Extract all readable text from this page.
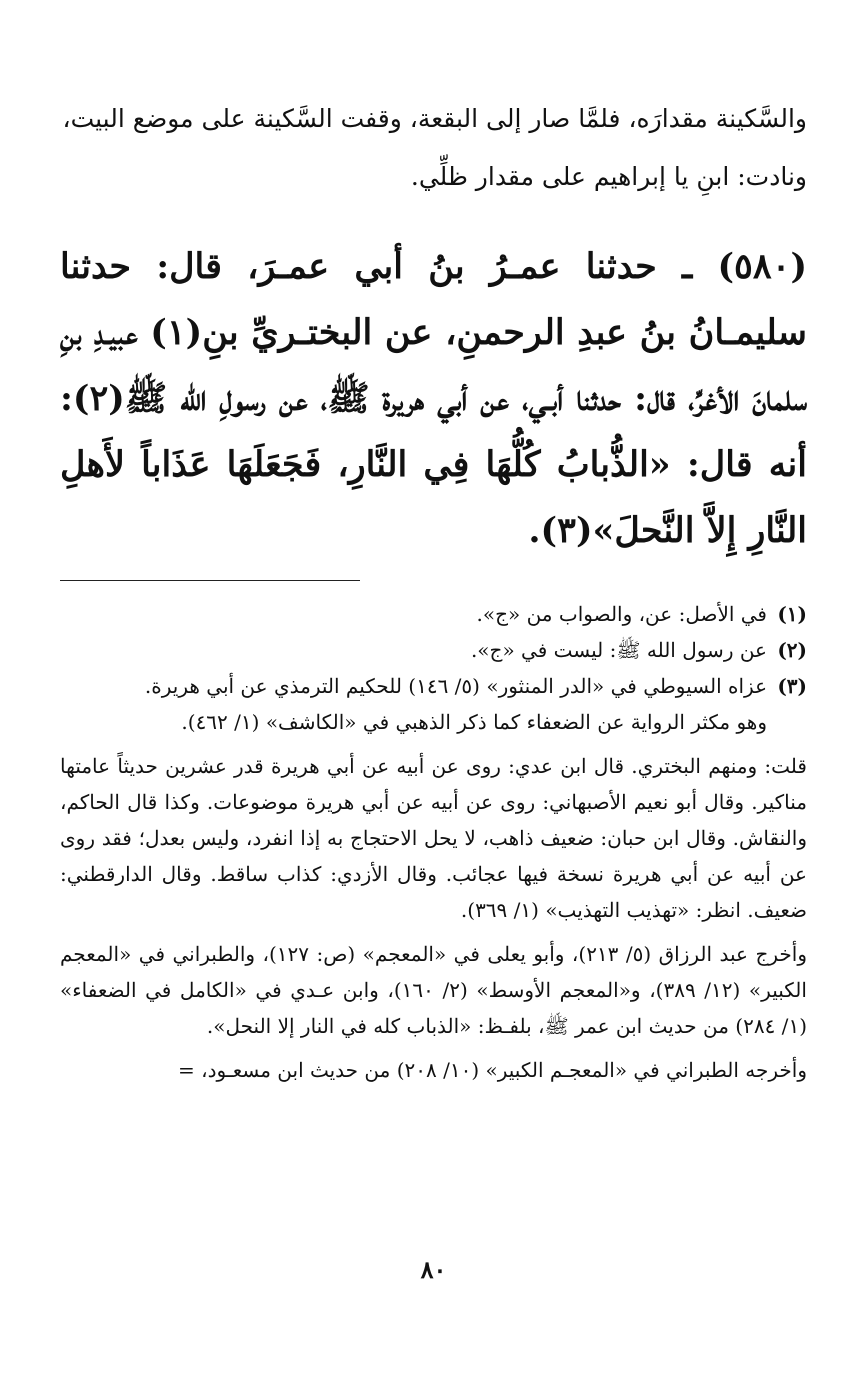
والسَّكينة مقدارَه، فلمَّا صار إلى البقعة، وقفت السَّكينة على موضع البيت،
ونادت: ابنِ يا إبراهيم على مقدار ظلِّي.

(٥٨٠) ـ حدثنا عمـرُ بنُ أبي عمـرَ، قال: حدثنا سليمـانُ بنُ عبدِ الرحمنِ، عن البختـريِّ بنِ(١) عبيـدِ بنِ سلمانَ الأغرِّ، قال: حدثنا أبـي، عن أبي هريرة ﷺ، عن رسولِ الله ﷺ(٢): أنه قال: «الذُّبابُ كُلُّهَا فِي النَّارِ، فَجَعَلَهَا عَذَاباً لأَهلِ النَّارِ إِلاَّ النَّحلَ»(٣).

(١)
في الأصل: عن، والصواب من «ج».
(٢)
عن رسول الله ﷺ: ليست في «ج».
(٣)
عزاه السيوطي في «الدر المنثور» (٥/ ١٤٦) للحكيم الترمذي عن أبي هريرة.

وهو مكثر الرواية عن الضعفاء كما ذكر الذهبي في «الكاشف» (١/ ٤٦٢).

قلت: ومنهم البختري. قال ابن عدي: روى عن أبيه عن أبي هريرة قدر عشرين حديثاً عامتها مناكير. وقال أبو نعيم الأصبهاني: روى عن أبيه عن أبي هريرة موضوعات. وكذا قال الحاكم، والنقاش. وقال ابن حبان: ضعيف ذاهب، لا يحل الاحتجاج به إذا انفرد، وليس بعدل؛ فقد روى عن أبيه عن أبي هريرة نسخة فيها عجائب. وقال الأزدي: كذاب ساقط. وقال الدارقطني: ضعيف. انظر: «تهذيب التهذيب» (١/ ٣٦٩).

وأخرج عبد الرزاق (٥/ ٢١٣)، وأبو يعلى في «المعجم» (ص: ١٢٧)، والطبراني في «المعجم الكبير» (١٢/ ٣٨٩)، و«المعجم الأوسط» (٢/ ١٦٠)، وابن عـدي في «الكامل في الضعفاء» (١/ ٢٨٤) من حديث ابن عمر ﷺ، بلفـظ: «الذباب كله في النار إلا النحل».

وأخرجه الطبراني في «المعجـم الكبير» (١٠/ ٢٠٨) من حديث ابن مسعـود، =

٨٠
